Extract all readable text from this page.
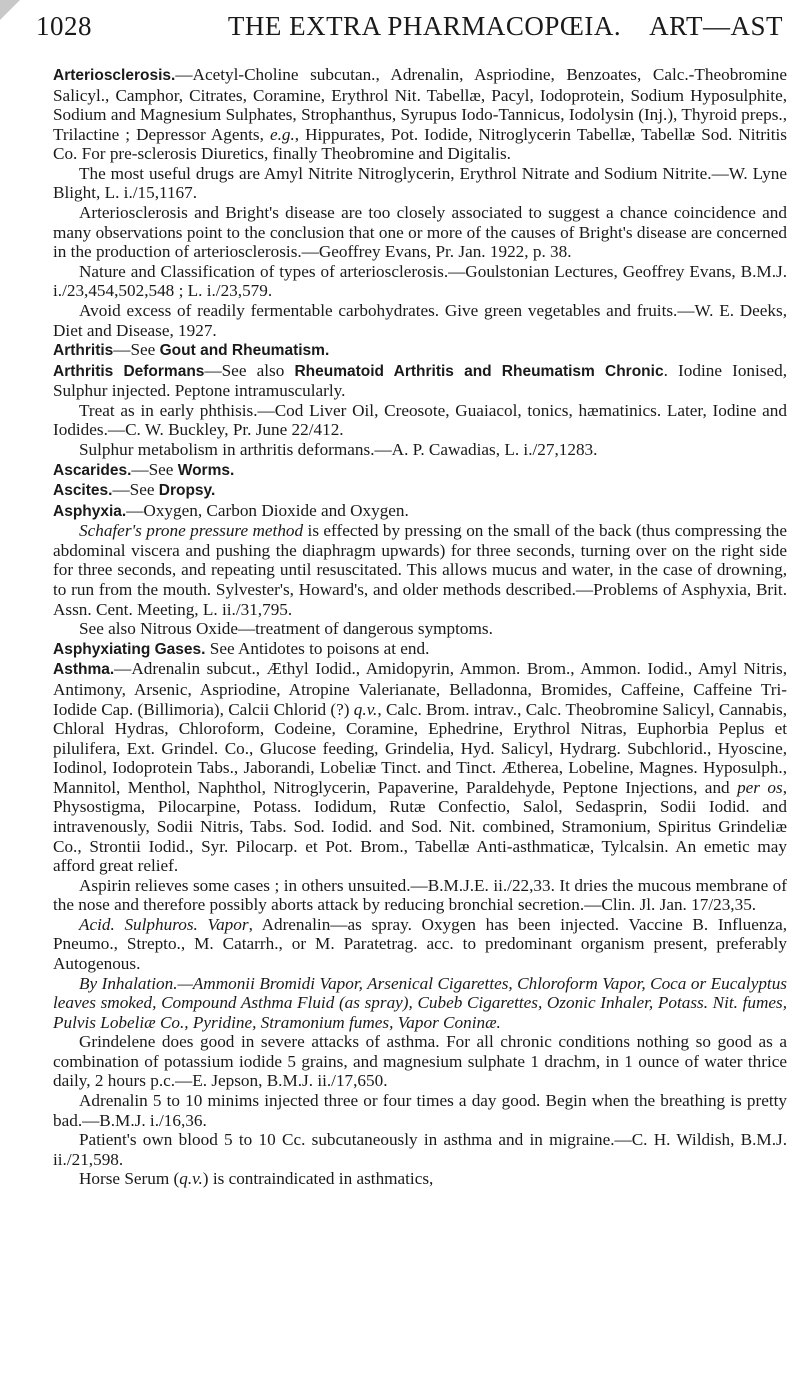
1028	THE EXTRA PHARMACOPŒIA.	ART—AST

Arteriosclerosis.—Acetyl-Choline subcutan., Adrenalin, Aspriodine, Benzoates, Calc.-Theobromine Salicyl., Camphor, Citrates, Coramine, Erythrol Nit. Tabellæ, Pacyl, Iodoprotein, Sodium Hyposulphite, Sodium and Magnesium Sulphates, Strophanthus, Syrupus Iodo-Tannicus, Iodolysin (Inj.), Thyroid preps., Trilactine ; Depressor Agents, e.g., Hippurates, Pot. Iodide, Nitroglycerin Tabellæ, Tabellæ Sod. Nitritis Co. For pre-sclerosis Diuretics, finally Theobromine and Digitalis.

The most useful drugs are Amyl Nitrite Nitroglycerin, Erythrol Nitrate and Sodium Nitrite.—W. Lyne Blight, L. i./15,1167.

Arteriosclerosis and Bright's disease are too closely associated to suggest a chance coincidence and many observations point to the conclusion that one or more of the causes of Bright's disease are concerned in the production of arteriosclerosis.—Geoffrey Evans, Pr. Jan. 1922, p. 38.

Nature and Classification of types of arteriosclerosis.—Goulstonian Lectures, Geoffrey Evans, B.M.J. i./23,454,502,548 ; L. i./23,579.

Avoid excess of readily fermentable carbohydrates. Give green vegetables and fruits.—W. E. Deeks, Diet and Disease, 1927.

Arthritis—See Gout and Rheumatism.

Arthritis Deformans—See also Rheumatoid Arthritis and Rheumatism Chronic. Iodine Ionised, Sulphur injected. Peptone intramuscularly.

Treat as in early phthisis.—Cod Liver Oil, Creosote, Guaiacol, tonics, hæmatinics. Later, Iodine and Iodides.—C. W. Buckley, Pr. June 22/412.

Sulphur metabolism in arthritis deformans.—A. P. Cawadias, L. i./27,1283.

Ascarides.—See Worms.

Ascites.—See Dropsy.

Asphyxia.—Oxygen, Carbon Dioxide and Oxygen.

Schafer's prone pressure method is effected by pressing on the small of the back (thus compressing the abdominal viscera and pushing the diaphragm upwards) for three seconds, turning over on the right side for three seconds, and repeating until resuscitated. This allows mucus and water, in the case of drowning, to run from the mouth. Sylvester's, Howard's, and older methods described.—Problems of Asphyxia, Brit. Assn. Cent. Meeting, L. ii./31,795.

See also Nitrous Oxide—treatment of dangerous symptoms.

Asphyxiating Gases. See Antidotes to poisons at end.

Asthma.—Adrenalin subcut., Æthyl Iodid., Amidopyrin, Ammon. Brom., Ammon. Iodid., Amyl Nitris, Antimony, Arsenic, Aspriodine, Atropine Valerianate, Belladonna, Bromides, Caffeine, Caffeine Tri-Iodide Cap. (Billimoria), Calcii Chlorid (?) q.v., Calc. Brom. intrav., Calc. Theobromine Salicyl, Cannabis, Chloral Hydras, Chloroform, Codeine, Coramine, Ephedrine, Erythrol Nitras, Euphorbia Peplus et pilulifera, Ext. Grindel. Co., Glucose feeding, Grindelia, Hyd. Salicyl, Hydrarg. Subchlorid., Hyoscine, Iodinol, Iodoprotein Tabs., Jaborandi, Lobeliæ Tinct. and Tinct. Ætherea, Lobeline, Magnes. Hyposulph., Mannitol, Menthol, Naphthol, Nitroglycerin, Papaverine, Paraldehyde, Peptone Injections, and per os, Physostigma, Pilocarpine, Potass. Iodidum, Rutæ Confectio, Salol, Sedasprin, Sodii Iodid. and intravenously, Sodii Nitris, Tabs. Sod. Iodid. and Sod. Nit. combined, Stramonium, Spiritus Grindeliæ Co., Strontii Iodid., Syr. Pilocarp. et Pot. Brom., Tabellæ Anti-asthmaticæ, Tylcalsin. An emetic may afford great relief.

Aspirin relieves some cases ; in others unsuited.—B.M.J.E. ii./22,33. It dries the mucous membrane of the nose and therefore possibly aborts attack by reducing bronchial secretion.—Clin. Jl. Jan. 17/23,35.

Acid. Sulphuros. Vapor, Adrenalin—as spray. Oxygen has been injected. Vaccine B. Influenza, Pneumo., Strepto., M. Catarrh., or M. Paratetrag. acc. to predominant organism present, preferably Autogenous.

By Inhalation.—Ammonii Bromidi Vapor, Arsenical Cigarettes, Chloroform Vapor, Coca or Eucalyptus leaves smoked, Compound Asthma Fluid (as spray), Cubeb Cigarettes, Ozonic Inhaler, Potass. Nit. fumes, Pulvis Lobeliæ Co., Pyridine, Stramonium fumes, Vapor Coninæ.

Grindelene does good in severe attacks of asthma. For all chronic conditions nothing so good as a combination of potassium iodide 5 grains, and magnesium sulphate 1 drachm, in 1 ounce of water thrice daily, 2 hours p.c.—E. Jepson, B.M.J. ii./17,650.

Adrenalin 5 to 10 minims injected three or four times a day good. Begin when the breathing is pretty bad.—B.M.J. i./16,36.

Patient's own blood 5 to 10 Cc. subcutaneously in asthma and in migraine.—C. H. Wildish, B.M.J. ii./21,598.

Horse Serum (q.v.) is contraindicated in asthmatics,
